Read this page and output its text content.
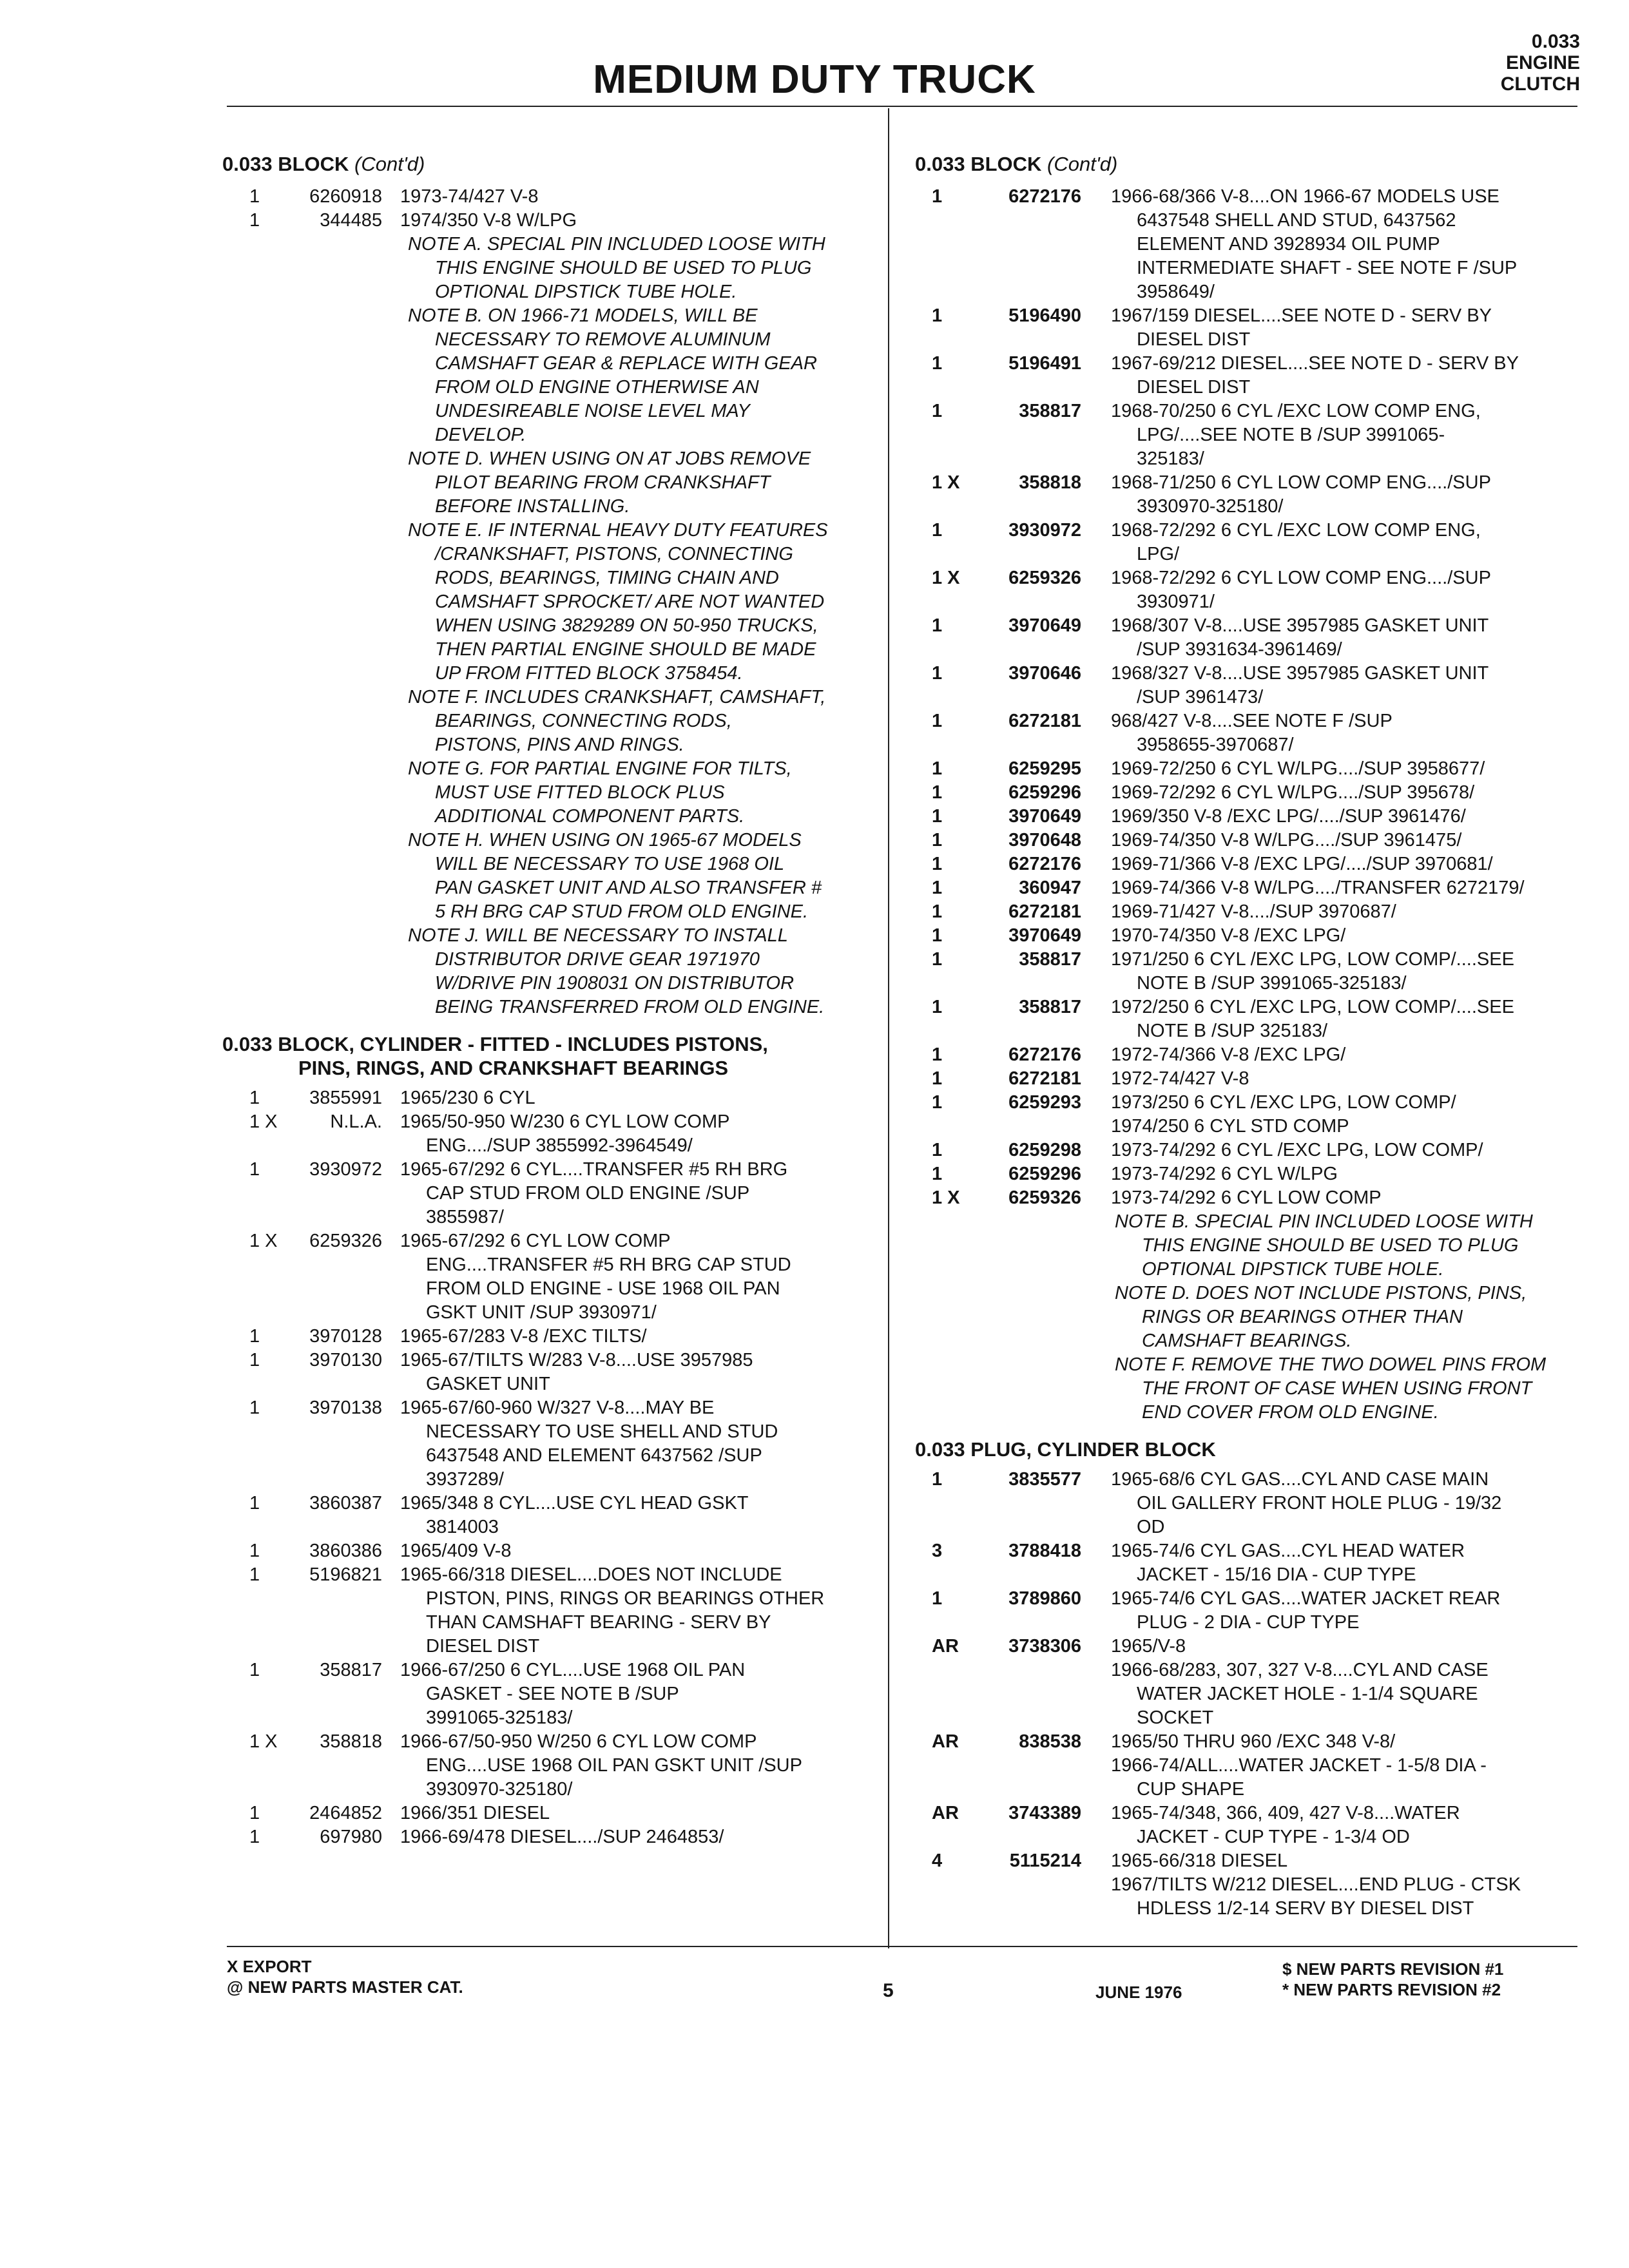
MEDIUM DUTY TRUCK
0.033
ENGINE
CLUTCH
0.033 BLOCK (Cont'd)
1	6260918 1973-74/427 V-8
1	344485 1974/350 V-8 W/LPG
NOTE A. SPECIAL PIN INCLUDED LOOSE WITH
THIS ENGINE SHOULD BE USED TO PLUG
OPTIONAL DIPSTICK TUBE HOLE.
NOTE B. ON 1966-71 MODELS, WILL BE
NECESSARY TO REMOVE ALUMINUM
CAMSHAFT GEAR & REPLACE WITH GEAR
FROM OLD ENGINE OTHERWISE AN
UNDESIREABLE NOISE LEVEL MAY
DEVELOP.
NOTE D. WHEN USING ON AT JOBS REMOVE
PILOT BEARING FROM CRANKSHAFT
BEFORE INSTALLING.
NOTE E. IF INTERNAL HEAVY DUTY FEATURES
/CRANKSHAFT, PISTONS, CONNECTING
RODS, BEARINGS, TIMING CHAIN AND
CAMSHAFT SPROCKET/ ARE NOT WANTED
WHEN USING 3829289 ON 50-950 TRUCKS,
THEN PARTIAL ENGINE SHOULD BE MADE
UP FROM FITTED BLOCK 3758454.
NOTE F. INCLUDES CRANKSHAFT, CAMSHAFT,
BEARINGS, CONNECTING RODS,
PISTONS, PINS AND RINGS.
NOTE G. FOR PARTIAL ENGINE FOR TILTS,
MUST USE FITTED BLOCK PLUS
ADDITIONAL COMPONENT PARTS.
NOTE H. WHEN USING ON 1965-67 MODELS
WILL BE NECESSARY TO USE 1968 OIL
PAN GASKET UNIT AND ALSO TRANSFER #
5 RH BRG CAP STUD FROM OLD ENGINE.
NOTE J. WILL BE NECESSARY TO INSTALL
DISTRIBUTOR DRIVE GEAR 1971970
W/DRIVE PIN 1908031 ON DISTRIBUTOR
BEING TRANSFERRED FROM OLD ENGINE.
0.033 BLOCK, CYLINDER - FITTED - INCLUDES PISTONS,
PINS, RINGS, AND CRANKSHAFT BEARINGS
1	3855991 1965/230 6 CYL
1 X	N.L.A. 1965/50-950 W/230 6 CYL LOW COMP
ENG..../SUP 3855992-3964549/
1	3930972 1965-67/292 6 CYL....TRANSFER #5 RH BRG
CAP STUD FROM OLD ENGINE /SUP
3855987/
1 X	6259326 1965-67/292 6 CYL LOW COMP
ENG....TRANSFER #5 RH BRG CAP STUD
FROM OLD ENGINE - USE 1968 OIL PAN
GSKT UNIT /SUP 3930971/
1	3970128 1965-67/283 V-8 /EXC TILTS/
1	3970130 1965-67/TILTS W/283 V-8....USE 3957985
GASKET UNIT
1	3970138 1965-67/60-960 W/327 V-8....MAY BE
NECESSARY TO USE SHELL AND STUD
6437548 AND ELEMENT 6437562 /SUP
3937289/
1	3860387 1965/348 8 CYL....USE CYL HEAD GSKT
3814003
1	3860386 1965/409 V-8
1	5196821 1965-66/318 DIESEL....DOES NOT INCLUDE
PISTON, PINS, RINGS OR BEARINGS OTHER
THAN CAMSHAFT BEARING - SERV BY
DIESEL DIST
1	358817 1966-67/250 6 CYL....USE 1968 OIL PAN
GASKET - SEE NOTE B /SUP
3991065-325183/
1 X	358818 1966-67/50-950 W/250 6 CYL LOW COMP
ENG....USE 1968 OIL PAN GSKT UNIT /SUP
3930970-325180/
1	2464852 1966/351 DIESEL
1	697980 1966-69/478 DIESEL..../SUP 2464853/
0.033 BLOCK (Cont'd)
1	6272176	1966-68/366 V-8....ON 1966-67 MODELS USE
6437548 SHELL AND STUD, 6437562
ELEMENT AND 3928934 OIL PUMP
INTERMEDIATE SHAFT - SEE NOTE F /SUP
3958649/
1	5196490	1967/159 DIESEL....SEE NOTE D - SERV BY
DIESEL DIST
1	5196491	1967-69/212 DIESEL....SEE NOTE D - SERV BY
DIESEL DIST
1	358817	1968-70/250 6 CYL /EXC LOW COMP ENG,
LPG/....SEE NOTE B /SUP 3991065-
325183/
1 X	358818	1968-71/250 6 CYL LOW COMP ENG..../SUP
3930970-325180/
1	3930972	1968-72/292 6 CYL /EXC LOW COMP ENG,
LPG/
1 X	6259326	1968-72/292 6 CYL LOW COMP ENG..../SUP
3930971/
1	3970649	1968/307 V-8....USE 3957985 GASKET UNIT
/SUP 3931634-3961469/
1	3970646	1968/327 V-8....USE 3957985 GASKET UNIT
/SUP 3961473/
1	6272181	968/427 V-8....SEE NOTE F /SUP
3958655-3970687/
1	6259295	1969-72/250 6 CYL W/LPG..../SUP 3958677/
1	6259296	1969-72/292 6 CYL W/LPG..../SUP 395678/
1	3970649	1969/350 V-8 /EXC LPG/..../SUP 3961476/
1	3970648	1969-74/350 V-8 W/LPG..../SUP 3961475/
1	6272176	1969-71/366 V-8 /EXC LPG/..../SUP 3970681/
1	360947	1969-74/366 V-8 W/LPG..../TRANSFER 6272179/
1	6272181	1969-71/427 V-8..../SUP 3970687/
1	3970649	1970-74/350 V-8 /EXC LPG/
1	358817	1971/250 6 CYL /EXC LPG, LOW COMP/....SEE
NOTE B /SUP 3991065-325183/
1	358817	1972/250 6 CYL /EXC LPG, LOW COMP/....SEE
NOTE B /SUP 325183/
1	6272176	1972-74/366 V-8 /EXC LPG/
1	6272181	1972-74/427 V-8
1	6259293	1973/250 6 CYL /EXC LPG, LOW COMP/
1974/250 6 CYL STD COMP
1	6259298	1973-74/292 6 CYL /EXC LPG, LOW COMP/
1	6259296	1973-74/292 6 CYL W/LPG
1 X	6259326	1973-74/292 6 CYL LOW COMP
NOTE B. SPECIAL PIN INCLUDED LOOSE WITH
THIS ENGINE SHOULD BE USED TO PLUG
OPTIONAL DIPSTICK TUBE HOLE.
NOTE D. DOES NOT INCLUDE PISTONS, PINS,
RINGS OR BEARINGS OTHER THAN
CAMSHAFT BEARINGS.
NOTE F. REMOVE THE TWO DOWEL PINS FROM
THE FRONT OF CASE WHEN USING FRONT
END COVER FROM OLD ENGINE.
0.033 PLUG, CYLINDER BLOCK
1	3835577	1965-68/6 CYL GAS....CYL AND CASE MAIN
OIL GALLERY FRONT HOLE PLUG - 19/32
OD
3	3788418	1965-74/6 CYL GAS....CYL HEAD WATER
JACKET - 15/16 DIA - CUP TYPE
1	3789860	1965-74/6 CYL GAS....WATER JACKET REAR
PLUG - 2 DIA - CUP TYPE
AR	3738306	1965/V-8
1966-68/283, 307, 327 V-8....CYL AND CASE
WATER JACKET HOLE - 1-1/4 SQUARE
SOCKET
AR	838538	1965/50 THRU 960 /EXC 348 V-8/
1966-74/ALL....WATER JACKET - 1-5/8 DIA -
CUP SHAPE
AR	3743389	1965-74/348, 366, 409, 427 V-8....WATER
JACKET - CUP TYPE - 1-3/4 OD
4	5115214	1965-66/318 DIESEL
1967/TILTS W/212 DIESEL....END PLUG - CTSK
HDLESS 1/2-14 SERV BY DIESEL DIST
X EXPORT
@ NEW PARTS MASTER CAT.	5	JUNE 1976
$ NEW PARTS REVISION #1
* NEW PARTS REVISION #2
